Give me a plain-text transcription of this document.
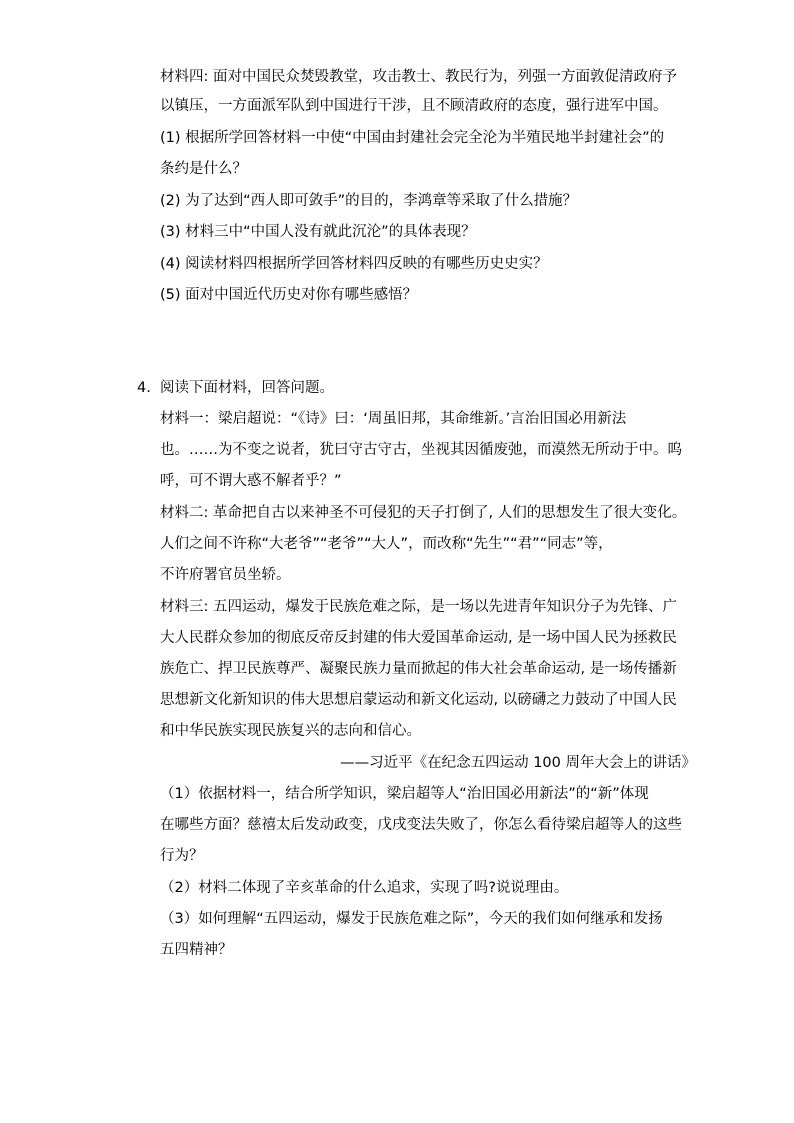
材料四: 面对中国民众焚毁教堂，攻击教士、教民行为，列强一方面敦促清政府予
以镇压，一方面派军队到中国进行干涉，且不顾清政府的态度，强行进军中国。
(1) 根据所学回答材料一中使“中国由封建社会完全沦为半殖民地半封建社会”的
条约是什么？
(2) 为了达到“西人即可敛手”的目的，李鸿章等采取了什么措施？
(3) 材料三中“中国人没有就此沉沦”的具体表现？
(4) 阅读材料四根据所学回答材料四反映的有哪些历史史实？
(5) 面对中国近代历史对你有哪些感悟？
4. 阅读下面材料，回答问题。
材料一：梁启超说：“《诗》曰：‘周虽旧邦，其命维新。’言治旧国必用新法
也。……为不变之说者，犹曰守古守古，坐视其因循废弛，而漠然无所动于中。呜
呼，可不谓大惑不解者乎？”
材料二: 革命把自古以来神圣不可侵犯的天子打倒了, 人们的思想发生了很大变化。
人们之间不许称“大老爷”“老爷”“大人”，而改称“先生”“君”“同志”等，
不许府署官员坐轿。
材料三: 五四运动，爆发于民族危难之际，是一场以先进青年知识分子为先锋、广
大人民群众参加的彻底反帝反封建的伟大爱国革命运动, 是一场中国人民为拯救民
族危亡、捍卫民族尊严、凝聚民族力量而掀起的伟大社会革命运动, 是一场传播新
思想新文化新知识的伟大思想启蒙运动和新文化运动, 以磅礴之力鼓动了中国人民
和中华民族实现民族复兴的志向和信心。
——习近平《在纪念五四运动 100 周年大会上的讲话》
（1）依据材料一，结合所学知识，梁启超等人“治旧国必用新法”的“新”体现
在哪些方面？慈禧太后发动政变，戊戌变法失败了，你怎么看待梁启超等人的这些
行为？
（2）材料二体现了辛亥革命的什么追求，实现了吗?说说理由。
（3）如何理解“五四运动，爆发于民族危难之际”，今天的我们如何继承和发扬
五四精神？
